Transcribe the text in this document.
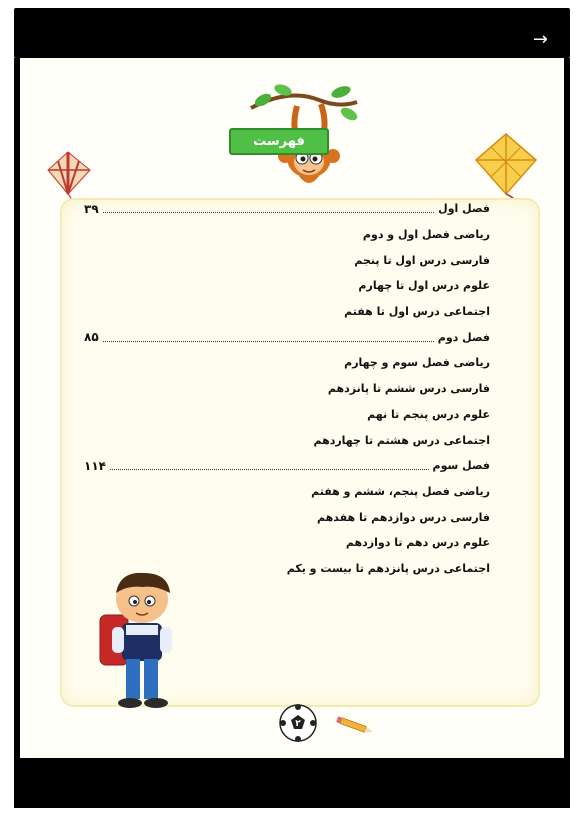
→
۲
فهرست
فصل اول
۳۹
ریاضی فصل اول و دوم
فارسی درس اول تا پنجم
علوم درس اول تا چهارم
اجتماعی درس اول تا هفتم
فصل دوم
۸۵
ریاضی فصل سوم و چهارم
فارسی درس ششم تا پانزدهم
علوم درس پنجم تا نهم
اجتماعی درس هشتم تا چهاردهم
فصل سوم
۱۱۴
ریاضی فصل پنجم، ششم و هفتم
فارسی درس دوازدهم تا هفدهم
علوم درس دهم تا دوازدهم
اجتماعی درس پانزدهم تا بیست و یکم
